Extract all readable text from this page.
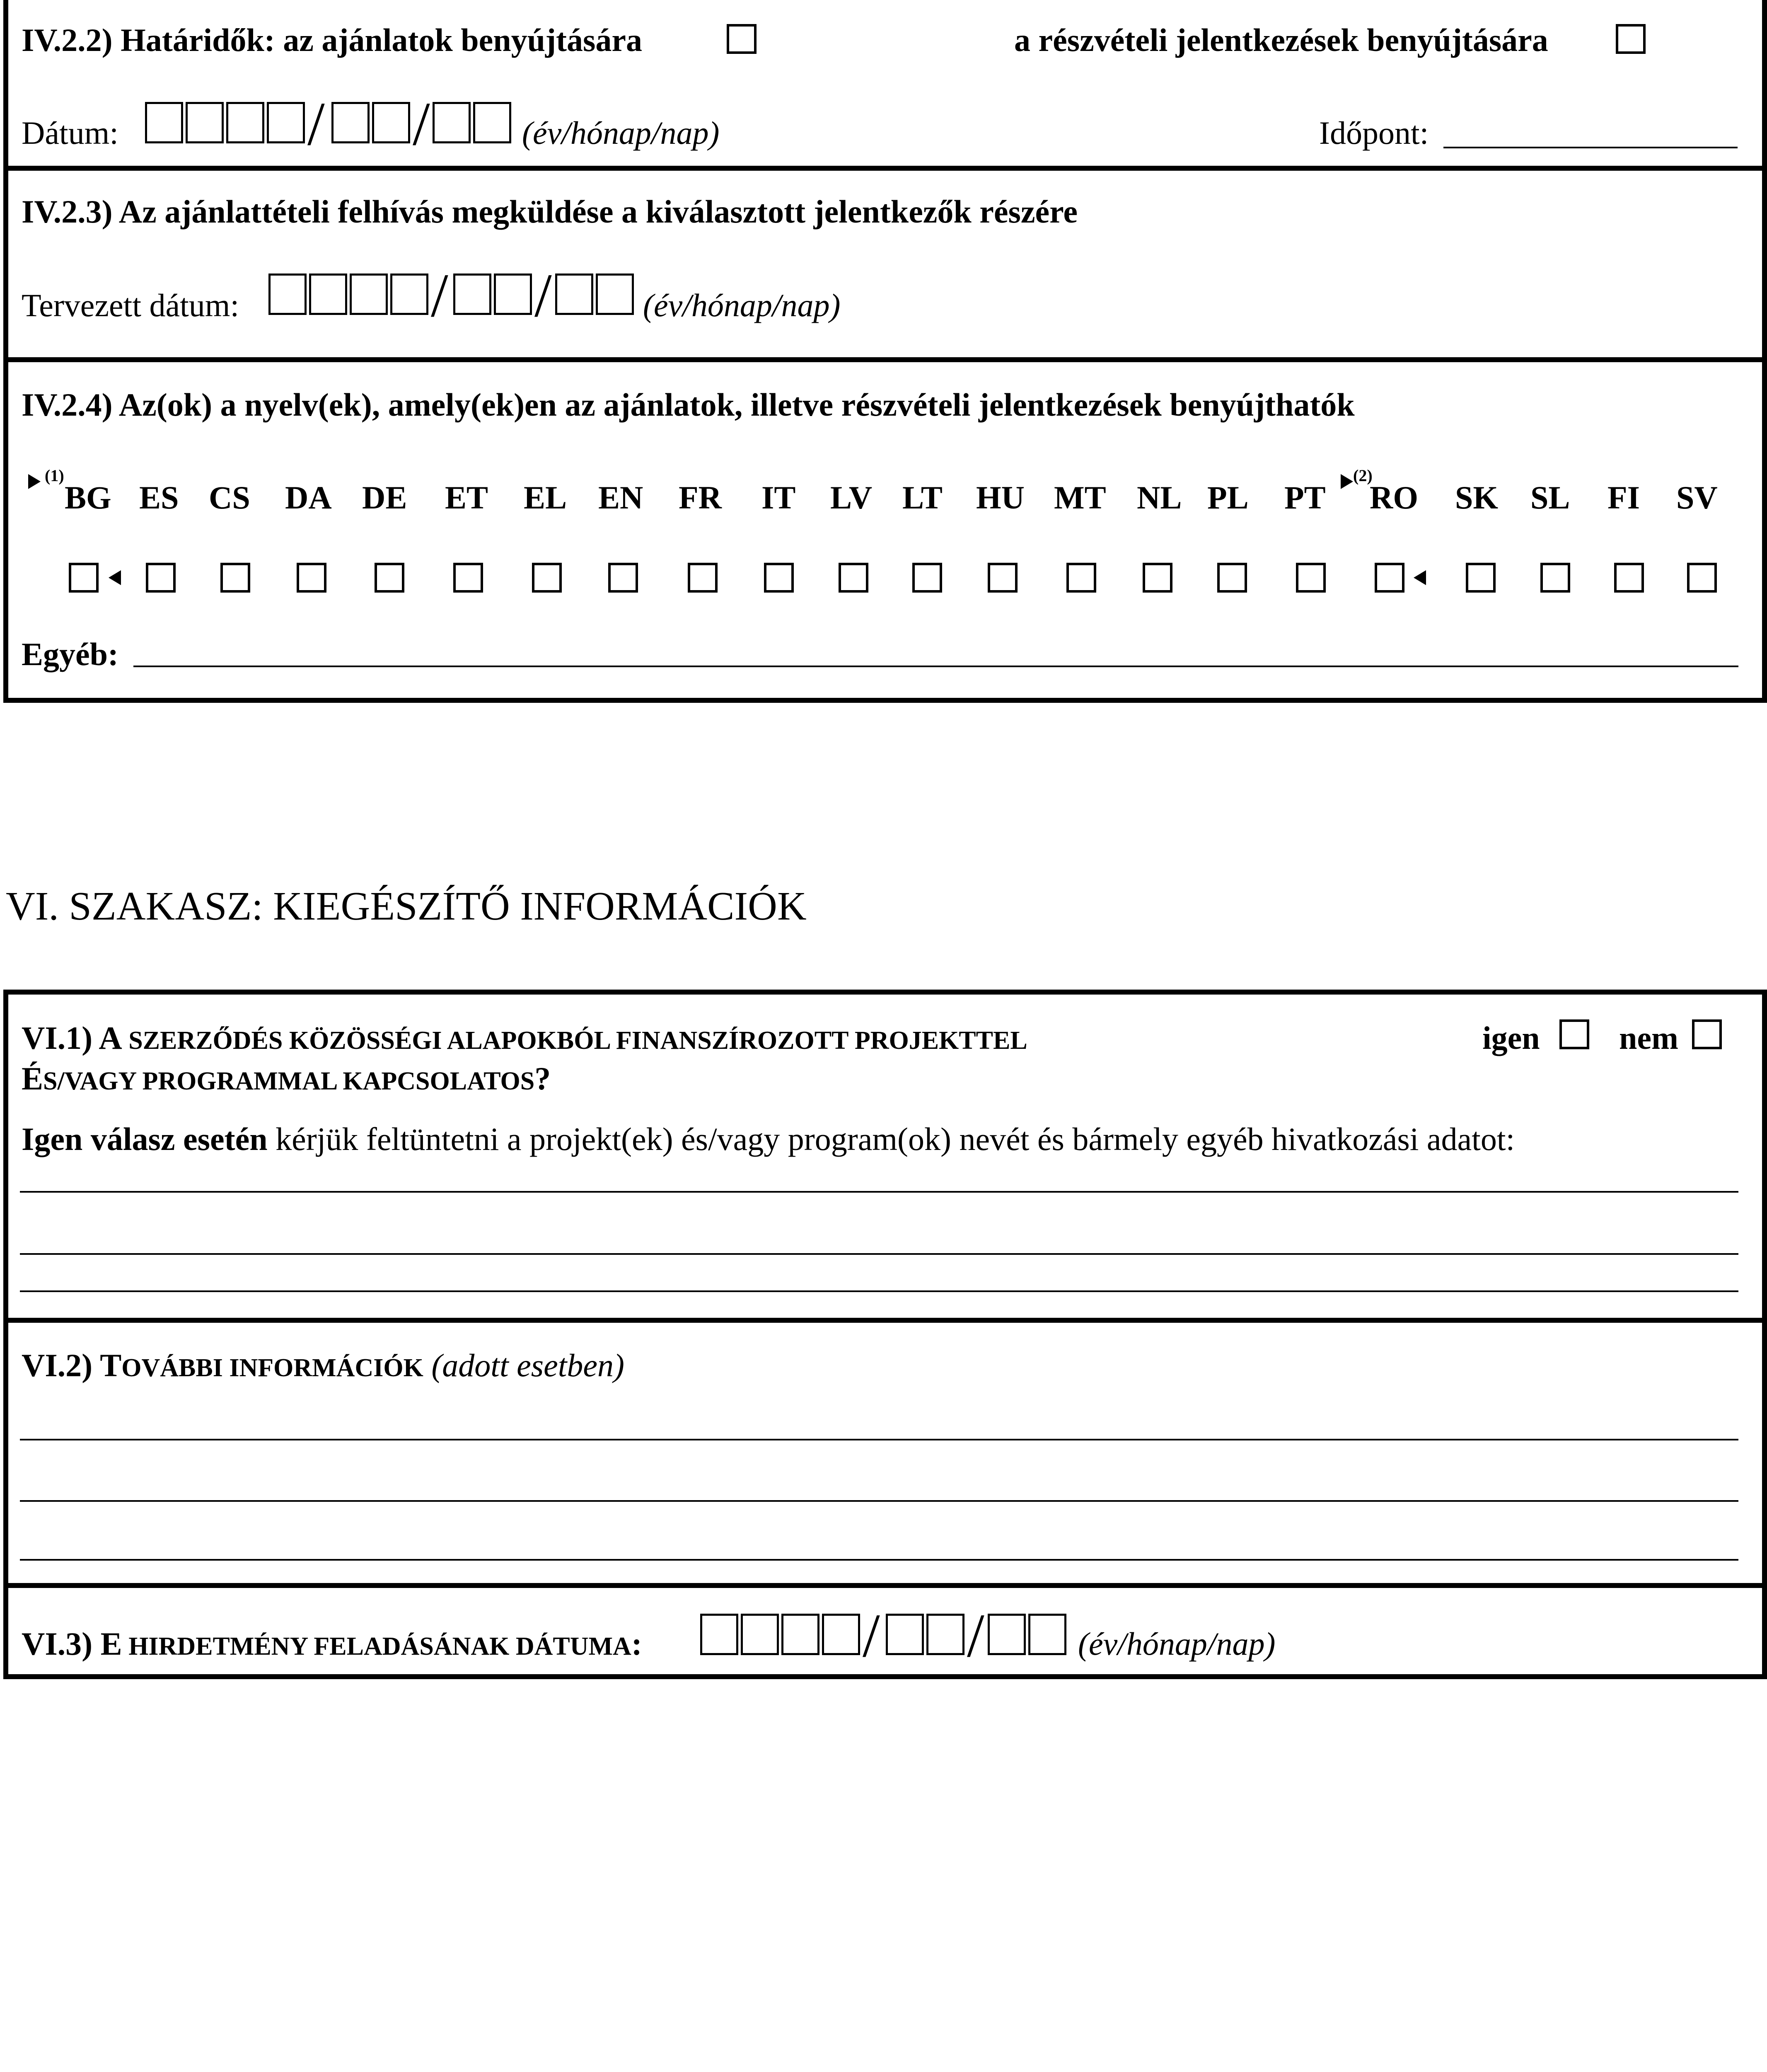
IV.2.2) Határidők: az ajánlatok benyújtására	a részvételi jelentkezések benyújtására
Dátum:	/ /	(év/hónap/nap)	Időpont:
IV.2.3) Az ajánlattételi felhívás megküldése a kiválasztott jelentkezők részére
Tervezett dátum:	/ /	(év/hónap/nap)
IV.2.4) Az(ok) a nyelv(ek), amely(ek)en az ajánlatok, illetve részvételi jelentkezések benyújthatók
(1)	(2)
BG ES CS DA DE ET EL EN FR IT LV LT HU MT NL PL PT RO SK SL FI SV
Egyéb:
VI. SZAKASZ: KIEGÉSZÍTŐ INFORMÁCIÓK
VI.1) A SZERZŐDÉS KÖZÖSSÉGI ALAPOKBÓL FINANSZÍROZOTT PROJEKTTEL
ÉS/VAGY PROGRAMMAL KAPCSOLATOS?
igen nem
Igen válasz esetén kérjük feltüntetni a projekt(ek) és/vagy program(ok) nevét és bármely egyéb hivatkozási adatot:
VI.2) TOVÁBBI INFORMÁCIÓK (adott esetben)
VI.3) E HIRDETMÉNY FELADÁSÁNAK DÁTUMA:	/ /	(év/hónap/nap)
